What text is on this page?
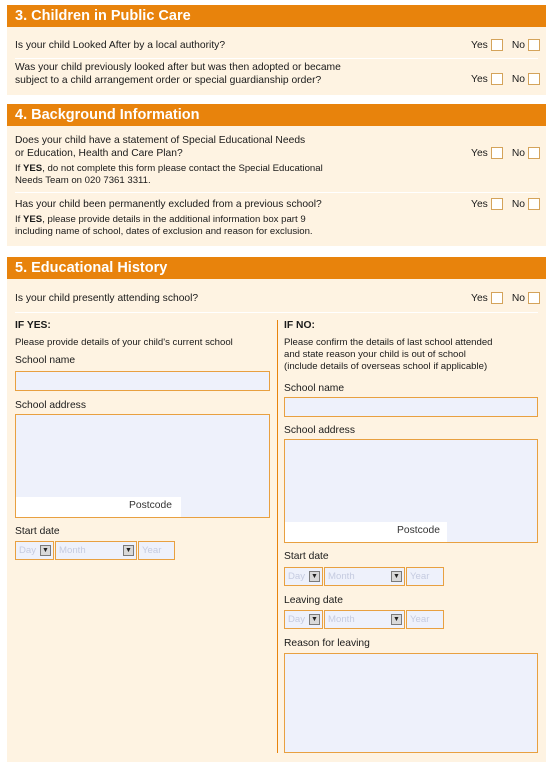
3. Children in Public Care
Is your child Looked After by a local authority?	Yes No
Was your child previously looked after but was then adopted or became
subject to a child arrangement order or special guardianship order?	Yes No
4. Background Information
Does your child have a statement of Special Educational Needs
or Education, Health and Care Plan?	Yes No
If YES, do not complete this form please contact the Special Educational
Needs Team on 020 7361 3311.
Has your child been permanently excluded from a previous school?	Yes No
If YES, please provide details in the additional information box part 9
including name of school, dates of exclusion and reason for exclusion.
5. Educational History
Is your child presently attending school?	Yes No
IF YES:
Please provide details of your child's current school
School name
School address
Postcode
Start date
Day ▼	Month	▼	Year
IF NO:
Please confirm the details of last school attended
and state reason your child is out of school
(include details of overseas school if applicable)
School name
School address
Postcode
Start date
Day ▼	Month	▼	Year
Leaving date
Day ▼	Month	▼	Year
Reason for leaving
